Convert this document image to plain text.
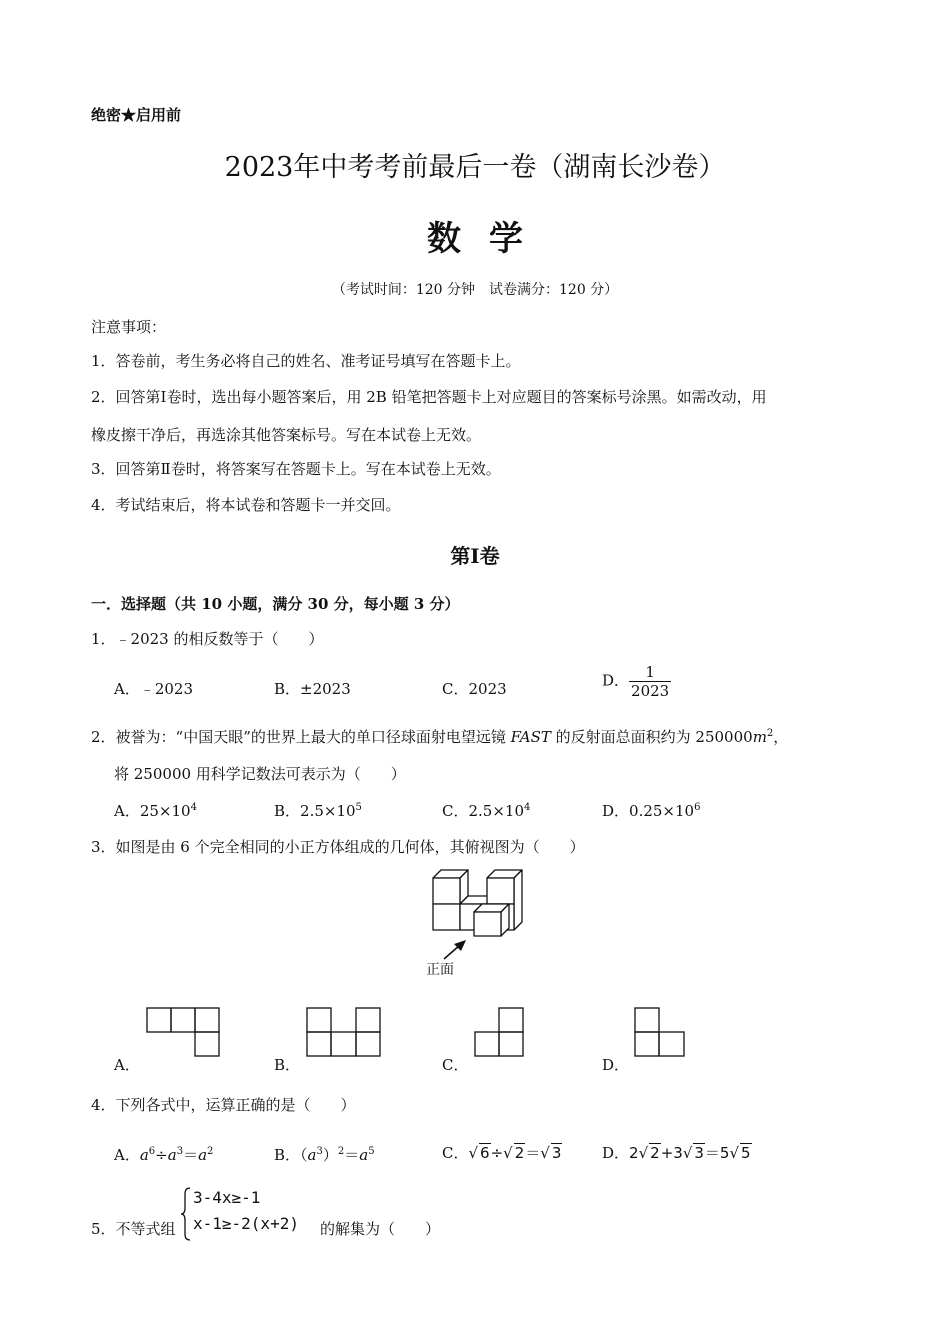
绝密★启用前
2023年中考考前最后一卷（湖南长沙卷）
数学
（考试时间：120 分钟　试卷满分：120 分）
注意事项：
1．答卷前，考生务必将自己的姓名、准考证号填写在答题卡上。
2．回答第Ⅰ卷时，选出每小题答案后，用 2B 铅笔把答题卡上对应题目的答案标号涂黑。如需改动，用
橡皮擦干净后，再选涂其他答案标号。写在本试卷上无效。
3．回答第Ⅱ卷时，将答案写在答题卡上。写在本试卷上无效。
4．考试结束后，将本试卷和答题卡一并交回。
第Ⅰ卷
一．选择题（共 10 小题，满分 30 分，每小题 3 分）
1．﹣2023 的相反数等于（　　）
A．﹣2023	B．±2023	C．2023	D． $\frac{1}{2023}$
2．被誉为：“中国天眼”的世界上最大的单口径球面射电望远镜 FAST 的反射面总面积约为 $250000m^2$，
将 250000 用科学记数法可表示为（　　）
A．$25\times 10^4$	B．$2.5\times 10^5$	C．$2.5\times 10^4$	D．$0.25\times 10^6$
3．如图是由 6 个完全相同的小正方体组成的几何体，其俯视图为（　　）
正面
A．	B．	C．	D．
4．下列各式中，运算正确的是（　　）
A．$a^6\div a^3=a^2$	B．$(a^3)^2=a^5$	C．√ 6÷√ 2＝√ 3	D．2√ 2+3√ 3＝5√ 5
5．不等式组
3-4x≥-1
x-1≥-2(x+2) 的解集为（　　）
